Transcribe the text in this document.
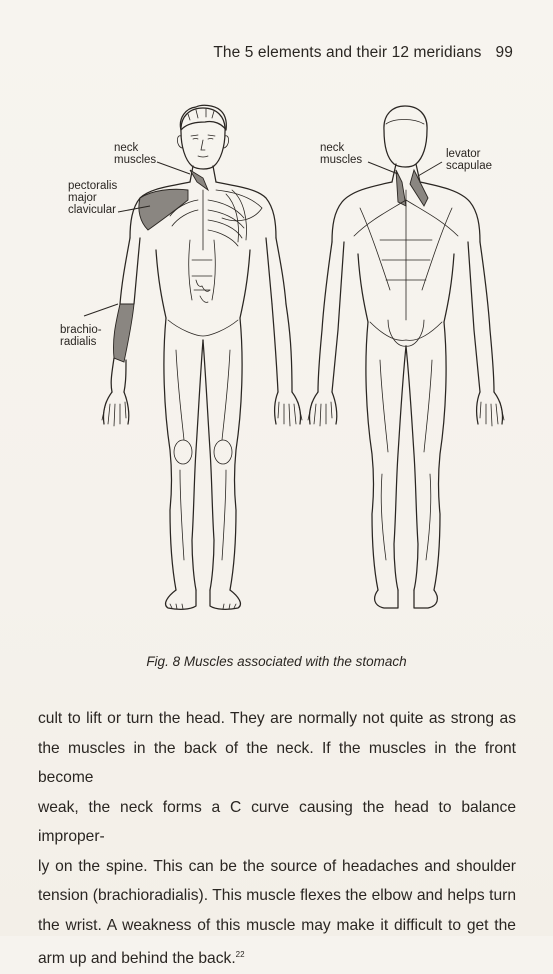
The 5 elements and their 12 meridians 99
neck
muscles
pectoralis
major
clavicular
brachio-
radialis
neck
muscles	levator
scapulae
Fig. 8 Muscles associated with the stomach
cult to lift or turn the head. They are normally not quite as strong as
the muscles in the back of the neck. If the muscles in the front become
weak, the neck forms a C curve causing the head to balance improper-
ly on the spine. This can be the source of headaches and shoulder
tension (brachioradialis). This muscle flexes the elbow and helps turn
the wrist. A weakness of this muscle may make it difficult to get the
arm up and behind the back.$^{22}$
